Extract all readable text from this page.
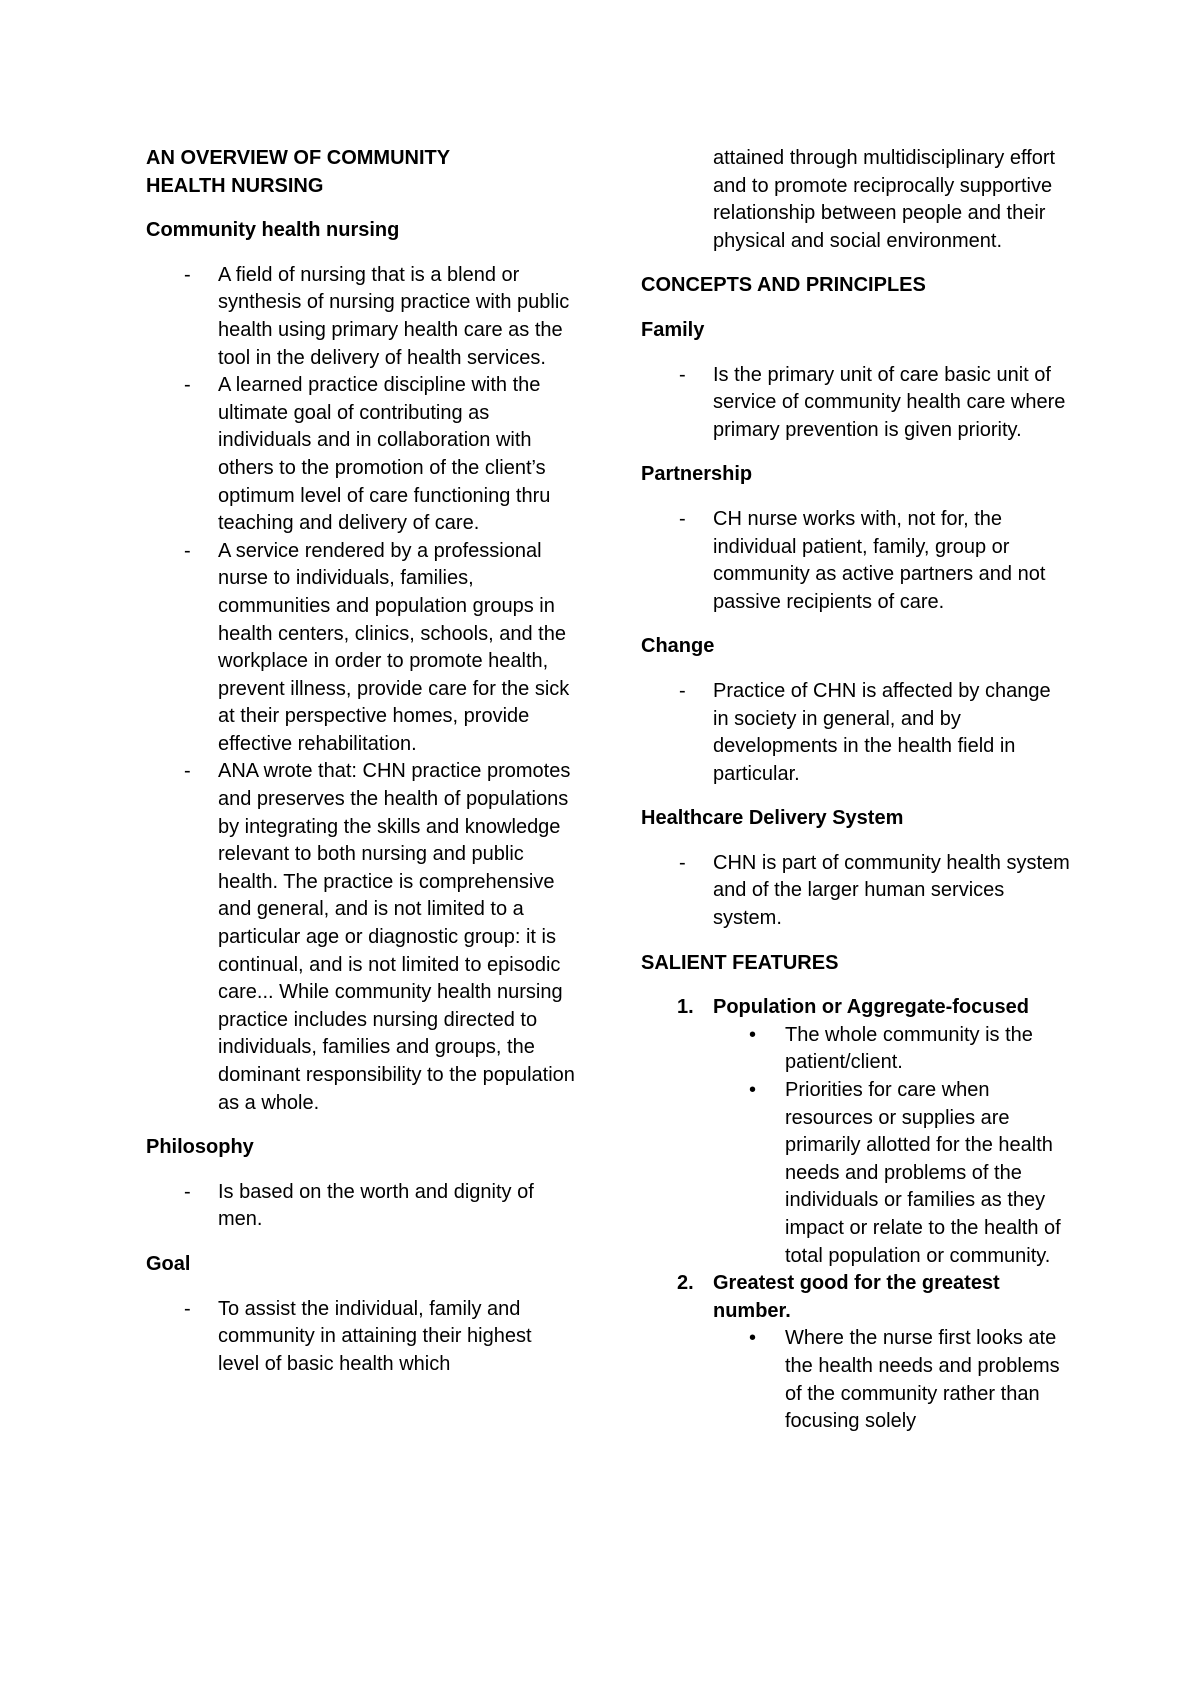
AN OVERVIEW OF COMMUNITY
HEALTH NURSING

Community health nursing

- A field of nursing that is a blend or synthesis of nursing practice with public health using primary health care as the tool in the delivery of health services.
- A learned practice discipline with the ultimate goal of contributing as individuals and in collaboration with others to the promotion of the client’s optimum level of care functioning thru teaching and delivery of care.
- A service rendered by a professional nurse to individuals, families, communities and population groups in health centers, clinics, schools, and the workplace in order to promote health, prevent illness, provide care for the sick at their perspective homes, provide effective rehabilitation.
- ANA wrote that: CHN practice promotes and preserves the health of populations by integrating the skills and knowledge relevant to both nursing and public health. The practice is comprehensive and general, and is not limited to a particular age or diagnostic group: it is continual, and is not limited to episodic care... While community health nursing practice includes nursing directed to individuals, families and groups, the dominant responsibility to the population as a whole.

Philosophy

- Is based on the worth and dignity of men.

Goal

- To assist the individual, family and community in attaining their highest level of basic health which

attained through multidisciplinary effort and to promote reciprocally supportive relationship between people and their physical and social environment.

CONCEPTS AND PRINCIPLES

Family

- Is the primary unit of care basic unit of service of community health care where primary prevention is given priority.

Partnership

- CH nurse works with, not for, the individual patient, family, group or community as active partners and not passive recipients of care.

Change

- Practice of CHN is affected by change in society in general, and by developments in the health field in particular.

Healthcare Delivery System

- CHN is part of community health system and of the larger human services system.

SALIENT FEATURES

1. Population or Aggregate-focused
• The whole community is the patient/client.
• Priorities for care when resources or supplies are primarily allotted for the health needs and problems of the individuals or families as they impact or relate to the health of total population or community.
2. Greatest good for the greatest number.
• Where the nurse first looks ate the health needs and problems of the community rather than focusing solely
